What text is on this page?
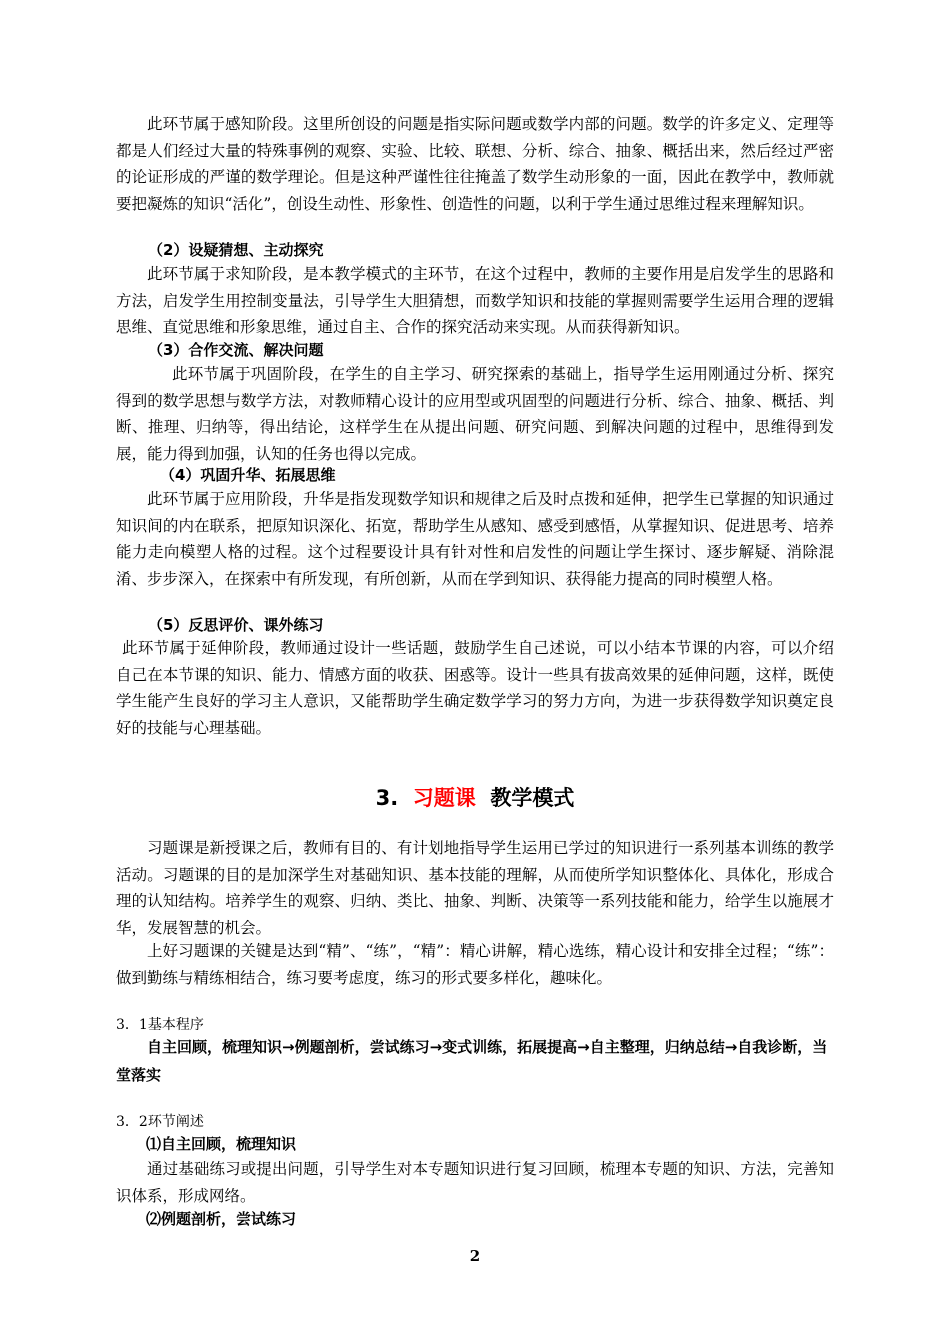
此环节属于感知阶段。这里所创设的问题是指实际问题或数学内部的问题。数学的许多定义、定理等都是人们经过大量的特殊事例的观察、实验、比较、联想、分析、综合、抽象、概括出来，然后经过严密的论证形成的严谨的数学理论。但是这种严谨性往往掩盖了数学生动形象的一面，因此在教学中，教师就要把凝炼的知识“活化”，创设生动性、形象性、创造性的问题，以利于学生通过思维过程来理解知识。

（2）设疑猜想、主动探究

此环节属于求知阶段，是本教学模式的主环节，在这个过程中，教师的主要作用是启发学生的思路和方法，启发学生用控制变量法，引导学生大胆猜想，而数学知识和技能的掌握则需要学生运用合理的逻辑思维、直觉思维和形象思维，通过自主、合作的探究活动来实现。从而获得新知识。

（3）合作交流、解决问题

此环节属于巩固阶段，在学生的自主学习、研究探索的基础上，指导学生运用刚通过分析、探究得到的数学思想与数学方法，对教师精心设计的应用型或巩固型的问题进行分析、综合、抽象、概括、判断、推理、归纳等，得出结论，这样学生在从提出问题、研究问题、到解决问题的过程中，思维得到发展，能力得到加强，认知的任务也得以完成。

（4）巩固升华、拓展思维

此环节属于应用阶段，升华是指发现数学知识和规律之后及时点拨和延伸，把学生已掌握的知识通过知识间的内在联系，把原知识深化、拓宽，帮助学生从感知、感受到感悟，从掌握知识、促进思考、培养能力走向模塑人格的过程。这个过程要设计具有针对性和启发性的问题让学生探讨、逐步解疑、消除混淆、步步深入，在探索中有所发现，有所创新，从而在学到知识、获得能力提高的同时模塑人格。

（5）反思评价、课外练习

此环节属于延伸阶段，教师通过设计一些话题，鼓励学生自己述说，可以小结本节课的内容，可以介绍自己在本节课的知识、能力、情感方面的收获、困惑等。设计一些具有拔高效果的延伸问题，这样，既使学生能产生良好的学习主人意识，又能帮助学生确定数学学习的努力方向，为进一步获得数学知识奠定良好的技能与心理基础。

3. 习题课 教学模式

习题课是新授课之后，教师有目的、有计划地指导学生运用已学过的知识进行一系列基本训练的教学活动。习题课的目的是加深学生对基础知识、基本技能的理解，从而使所学知识整体化、具体化，形成合理的认知结构。培养学生的观察、归纳、类比、抽象、判断、决策等一系列技能和能力，给学生以施展才华，发展智慧的机会。

上好习题课的关键是达到“精”、“练”，“精”：精心讲解，精心选练，精心设计和安排全过程；“练”：做到勤练与精练相结合，练习要考虑度，练习的形式要多样化，趣味化。

3．1基本程序

自主回顾，梳理知识→例题剖析，尝试练习→变式训练，拓展提高→自主整理，归纳总结→自我诊断，当堂落实

3．2环节阐述

⑴自主回顾，梳理知识

通过基础练习或提出问题，引导学生对本专题知识进行复习回顾，梳理本专题的知识、方法，完善知识体系，形成网络。

⑵例题剖析，尝试练习

2
